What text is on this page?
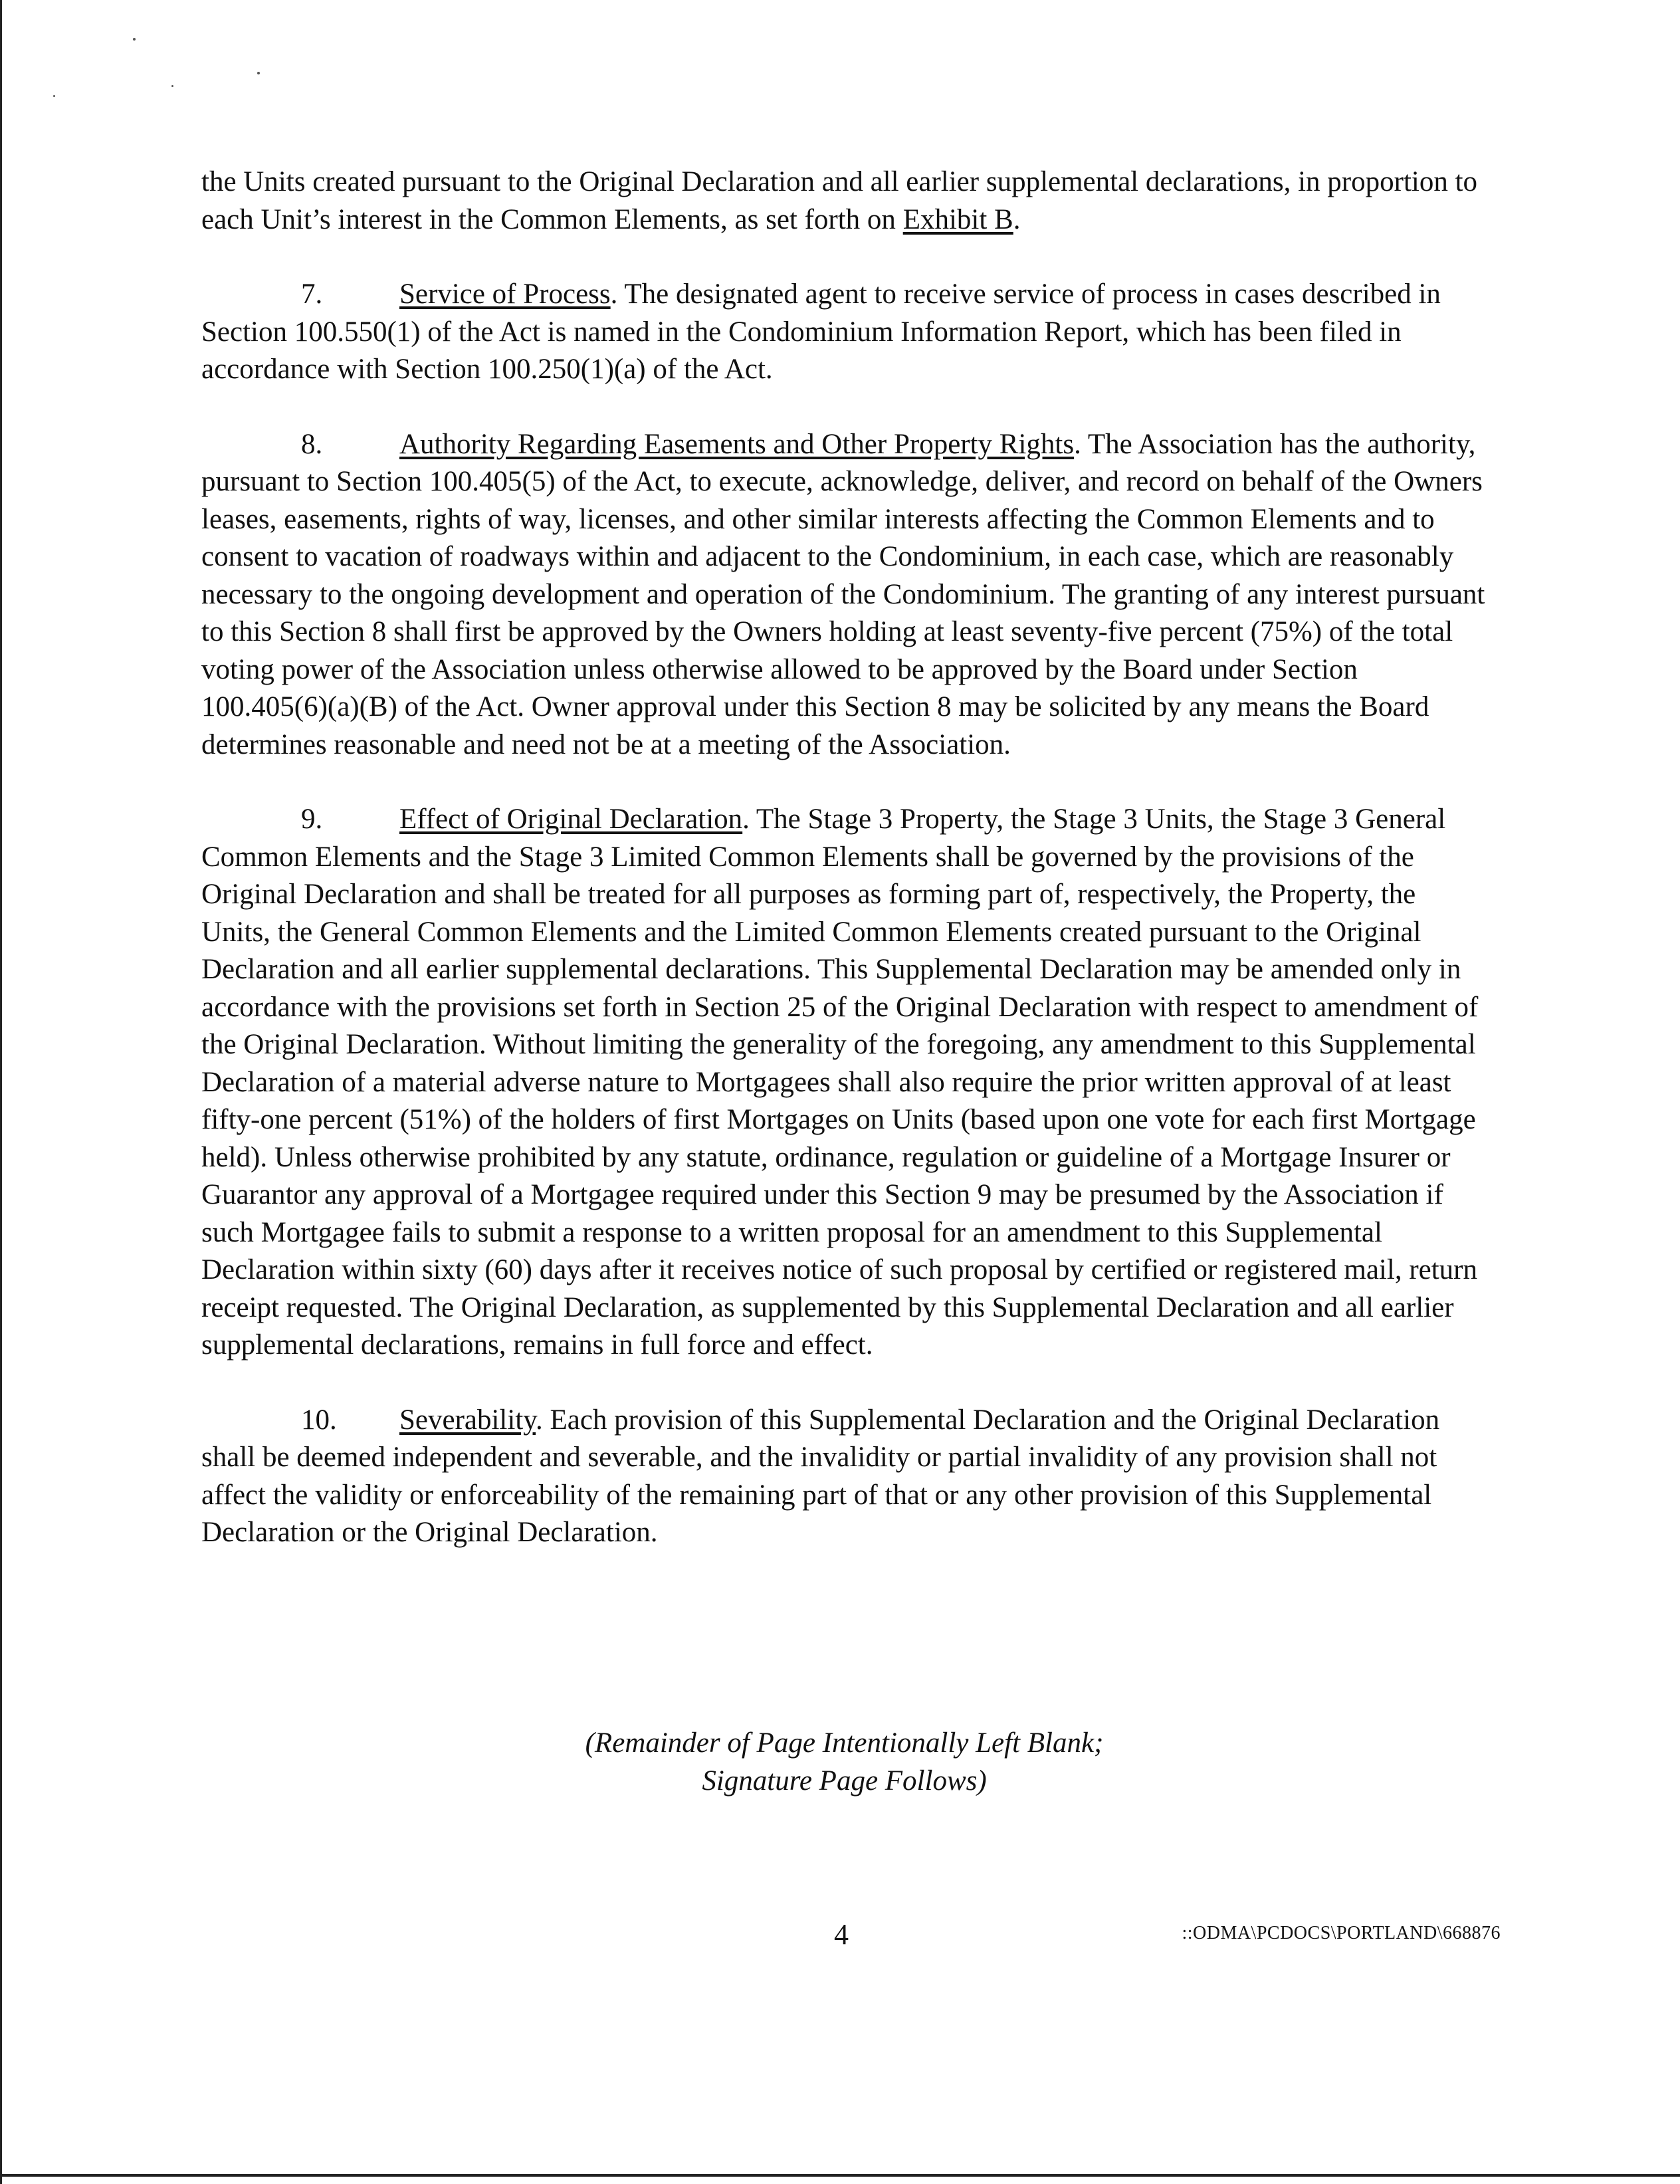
the Units created pursuant to the Original Declaration and all earlier supplemental declarations, in proportion to each Unit’s interest in the Common Elements, as set forth on Exhibit B.

7.	Service of Process. The designated agent to receive service of process in cases described in Section 100.550(1) of the Act is named in the Condominium Information Report, which has been filed in accordance with Section 100.250(1)(a) of the Act.

8.	Authority Regarding Easements and Other Property Rights. The Association has the authority, pursuant to Section 100.405(5) of the Act, to execute, acknowledge, deliver, and record on behalf of the Owners leases, easements, rights of way, licenses, and other similar interests affecting the Common Elements and to consent to vacation of roadways within and adjacent to the Condominium, in each case, which are reasonably necessary to the ongoing development and operation of the Condominium. The granting of any interest pursuant to this Section 8 shall first be approved by the Owners holding at least seventy-five percent (75%) of the total voting power of the Association unless otherwise allowed to be approved by the Board under Section 100.405(6)(a)(B) of the Act. Owner approval under this Section 8 may be solicited by any means the Board determines reasonable and need not be at a meeting of the Association.

9.	Effect of Original Declaration. The Stage 3 Property, the Stage 3 Units, the Stage 3 General Common Elements and the Stage 3 Limited Common Elements shall be governed by the provisions of the Original Declaration and shall be treated for all purposes as forming part of, respectively, the Property, the Units, the General Common Elements and the Limited Common Elements created pursuant to the Original Declaration and all earlier supplemental declarations. This Supplemental Declaration may be amended only in accordance with the provisions set forth in Section 25 of the Original Declaration with respect to amendment of the Original Declaration. Without limiting the generality of the foregoing, any amendment to this Supplemental Declaration of a material adverse nature to Mortgagees shall also require the prior written approval of at least fifty-one percent (51%) of the holders of first Mortgages on Units (based upon one vote for each first Mortgage held). Unless otherwise prohibited by any statute, ordinance, regulation or guideline of a Mortgage Insurer or Guarantor any approval of a Mortgagee required under this Section 9 may be presumed by the Association if such Mortgagee fails to submit a response to a written proposal for an amendment to this Supplemental Declaration within sixty (60) days after it receives notice of such proposal by certified or registered mail, return receipt requested. The Original Declaration, as supplemented by this Supplemental Declaration and all earlier supplemental declarations, remains in full force and effect.

10. Severability. Each provision of this Supplemental Declaration and the Original Declaration shall be deemed independent and severable, and the invalidity or partial invalidity of any provision shall not affect the validity or enforceability of the remaining part of that or any other provision of this Supplemental Declaration or the Original Declaration.

(Remainder of Page Intentionally Left Blank;
Signature Page Follows)
4	::ODMA\PCDOCS\PORTLAND\668876
